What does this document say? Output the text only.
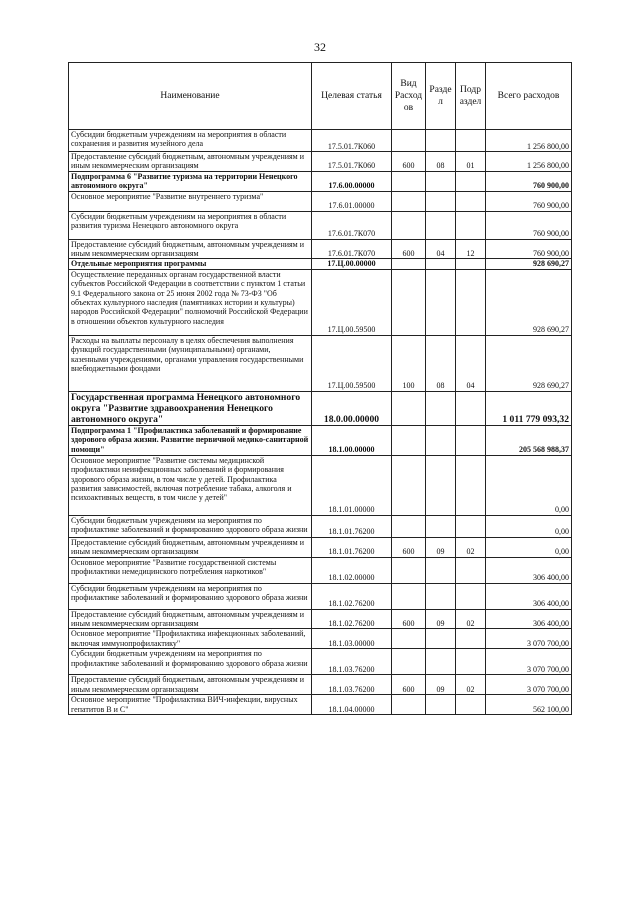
32
Наименование	Целевая статья	Вид Расход ов	Разде л	Подр аздел	Всего расходов
Субсидии бюджетным учреждениям на мероприятия в области сохранения и развития музейного дела	17.5.01.7К060				1 256 800,00
Предоставление субсидий бюджетным, автономным учреждениям и иным некоммерческим организациям	17.5.01.7К060	600	08	01	1 256 800,00
Подпрограмма 6 "Развитие туризма на территории Ненецкого автономного округа"	17.6.00.00000				760 900,00
Основное мероприятие "Развитие внутреннего туризма"	17.6.01.00000				760 900,00
Субсидии бюджетным учреждениям на мероприятия в области развития туризма Ненецкого автономного округа	17.6.01.7К070				760 900,00
Предоставление субсидий бюджетным, автономным учреждениям и иным некоммерческим организациям	17.6.01.7К070	600	04	12	760 900,00
Отдельные мероприятия программы	17.Ц.00.00000				928 690,27
Осуществление переданных органам государственной власти субъектов Российской Федерации в соответствии с пунктом 1 статьи 9.1 Федерального закона от 25 июня 2002 года № 73-ФЗ "Об объектах культурного наследия (памятниках истории и культуры) народов Российской Федерации" полномочий Российской Федерации в отношении объектов культурного наследия	17.Ц.00.59500				928 690,27
Расходы на выплаты персоналу в целях обеспечения выполнения функций государственными (муниципальными) органами, казенными учреждениями, органами управления государственными внебюджетными фондами	17.Ц.00.59500	100	08	04	928 690,27
Государственная программа Ненецкого автономного округа "Развитие здравоохранения Ненецкого автономного округа"	18.0.00.00000				1 011 779 093,32
Подпрограмма 1 "Профилактика заболеваний и формирование здорового образа жизни. Развитие первичной медико-санитарной помощи"	18.1.00.00000				205 568 988,37
Основное мероприятие "Развитие системы медицинской профилактики неинфекционных заболеваний и формирования здорового образа жизни, в том числе у детей. Профилактика развития зависимостей, включая потребление табака, алкоголя и психоактивных веществ, в том числе у детей"	18.1.01.00000				0,00
Субсидии бюджетным учреждениям на мероприятия по профилактике заболеваний и формированию здорового образа жизни	18.1.01.76200				0,00
Предоставление субсидий бюджетным, автономным учреждениям и иным некоммерческим организациям	18.1.01.76200	600	09	02	0,00
Основное мероприятие "Развитие государственной системы профилактики немедицинского потребления наркотиков"	18.1.02.00000				306 400,00
Субсидии бюджетным учреждениям на мероприятия по профилактике заболеваний и формированию здорового образа жизни	18.1.02.76200				306 400,00
Предоставление субсидий бюджетным, автономным учреждениям и иным некоммерческим организациям	18.1.02.76200	600	09	02	306 400,00
Основное мероприятие "Профилактика инфекционных заболеваний, включая иммунопрофилактику"	18.1.03.00000				3 070 700,00
Субсидии бюджетным учреждениям на мероприятия по профилактике заболеваний и формированию здорового образа жизни	18.1.03.76200				3 070 700,00
Предоставление субсидий бюджетным, автономным учреждениям и иным некоммерческим организациям	18.1.03.76200	600	09	02	3 070 700,00
Основное мероприятие "Профилактика ВИЧ-инфекции, вирусных гепатитов В и С"	18.1.04.00000				562 100,00
